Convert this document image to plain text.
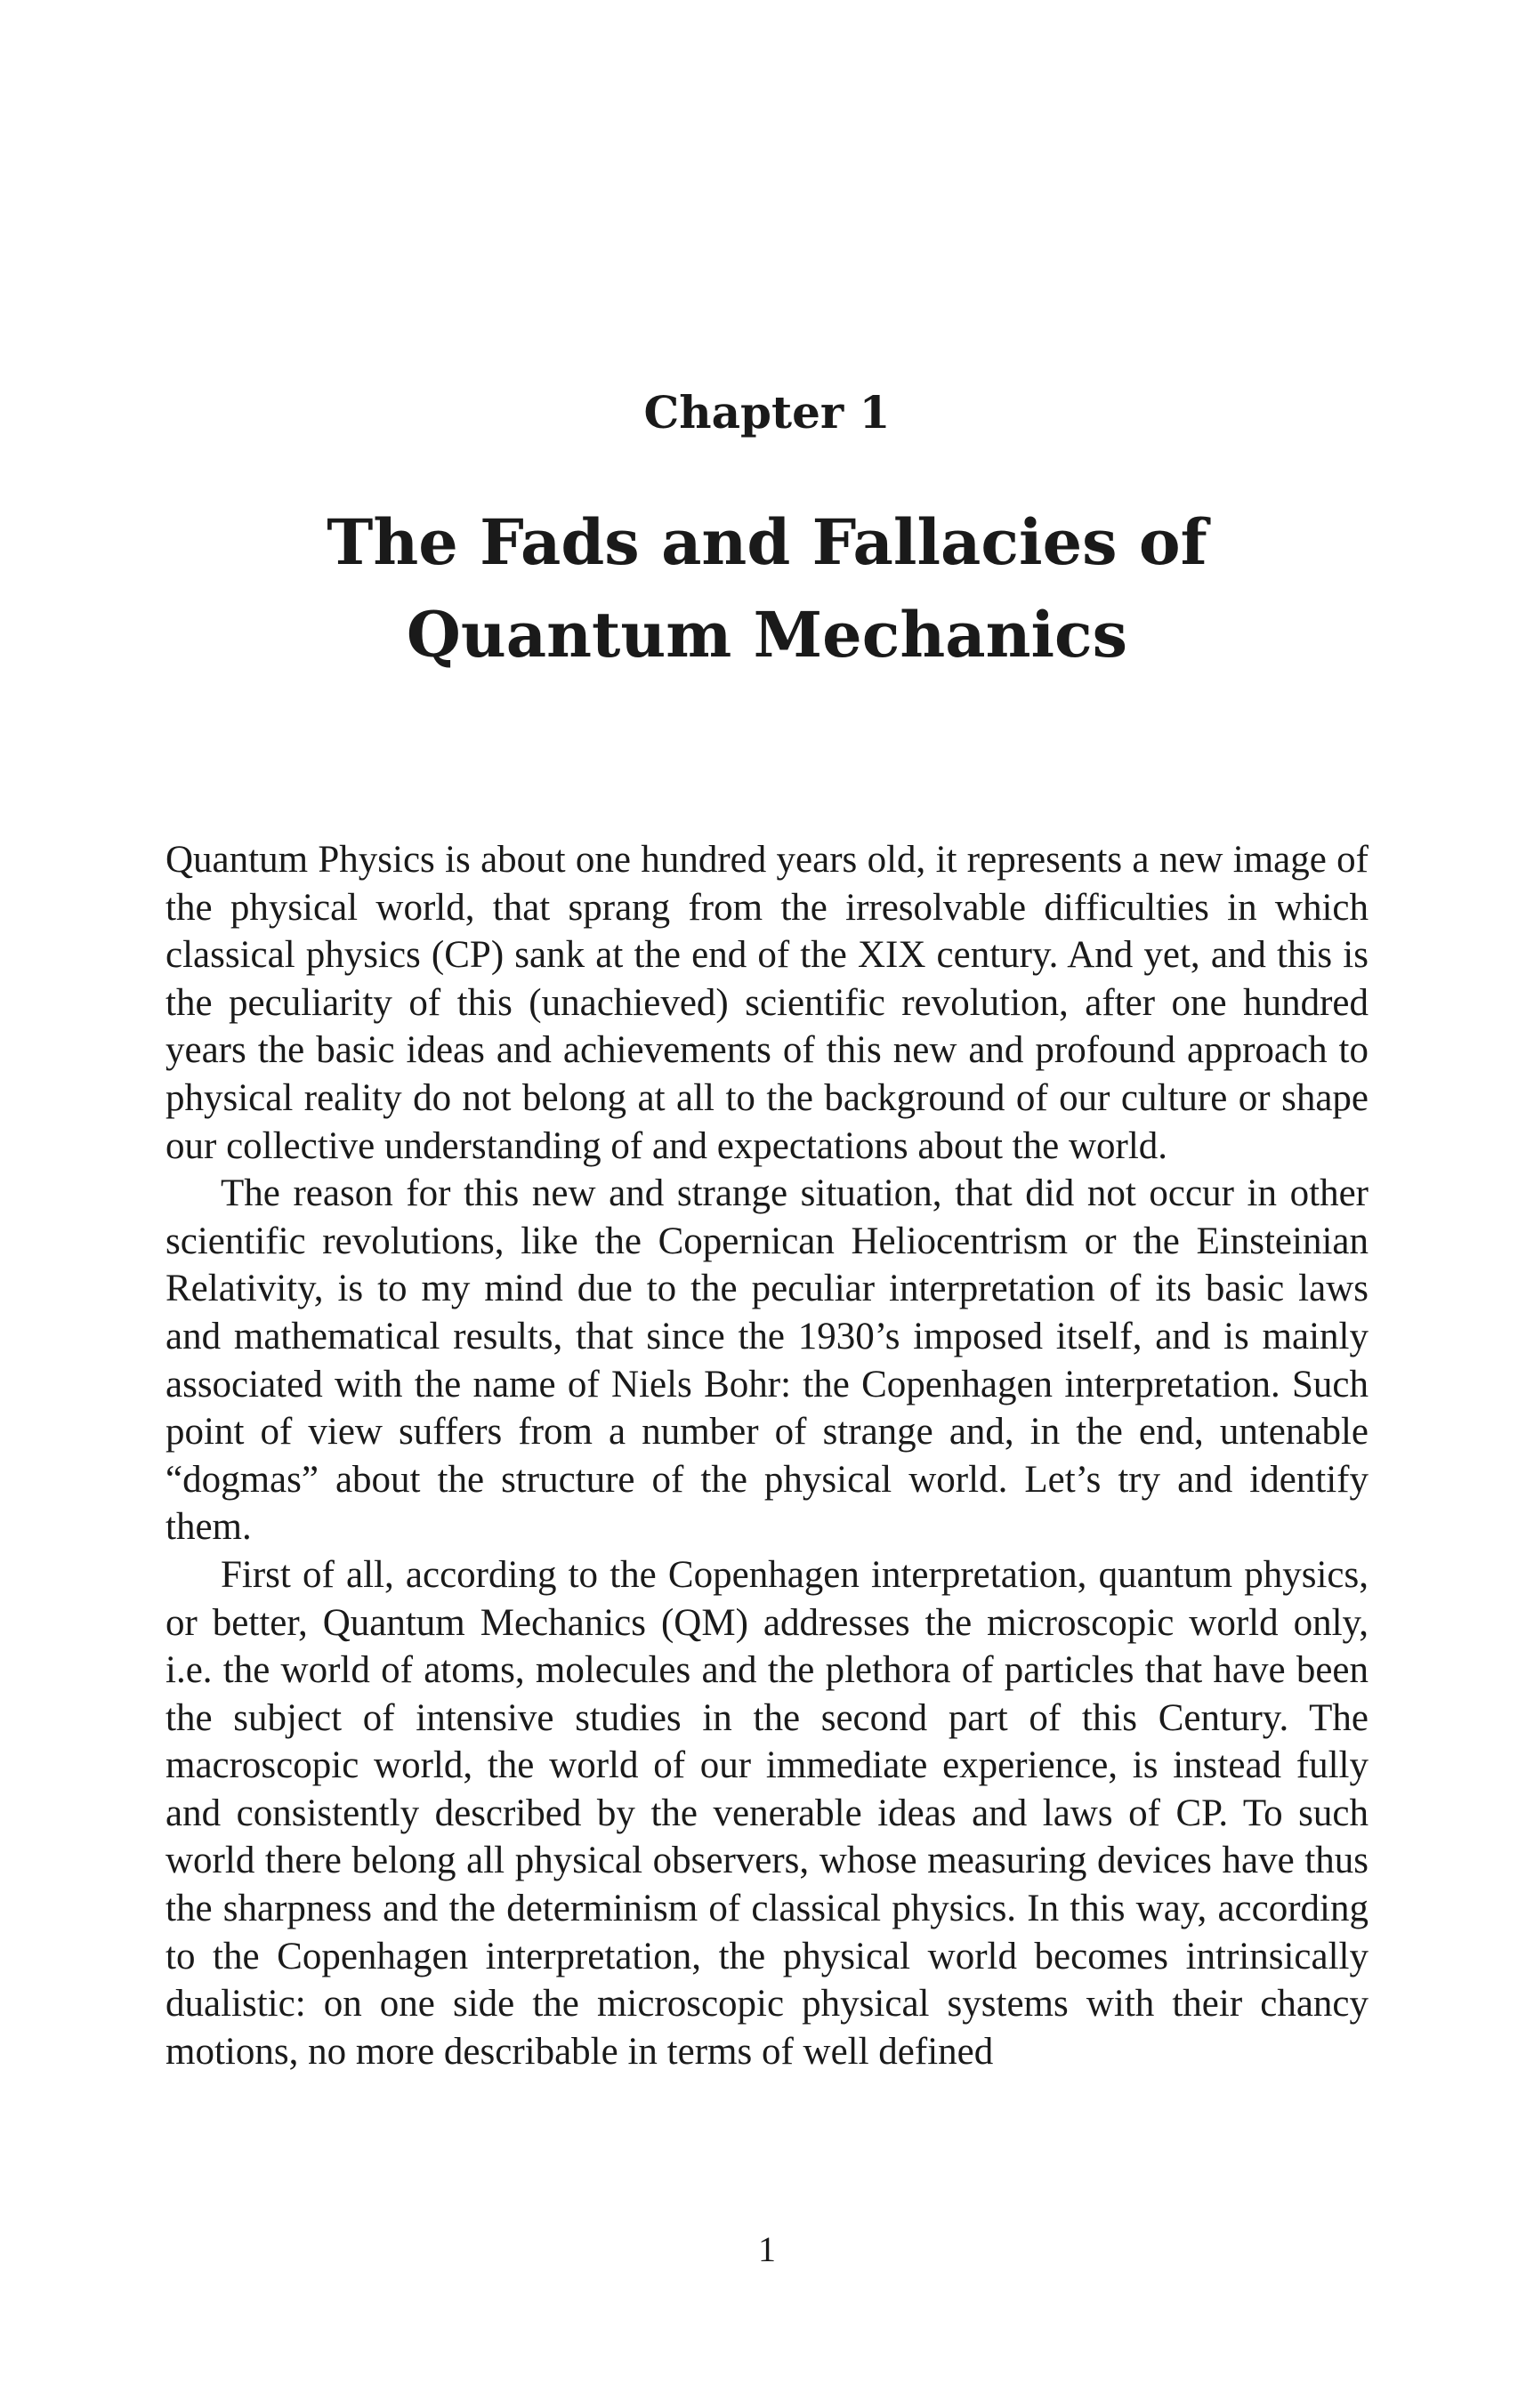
Chapter 1
The Fads and Fallacies of Quantum Mechanics

Quantum Physics is about one hundred years old, it represents a new image of the physical world, that sprang from the irresolvable difficulties in which classical physics (CP) sank at the end of the XIX century. And yet, and this is the peculiarity of this (unachieved) scientific revolution, after one hundred years the basic ideas and achievements of this new and profound approach to physical reality do not belong at all to the background of our culture or shape our collective understanding of and expectations about the world.

The reason for this new and strange situation, that did not occur in other scientific revolutions, like the Copernican Heliocentrism or the Einsteinian Relativity, is to my mind due to the peculiar interpretation of its basic laws and mathematical results, that since the 1930’s imposed itself, and is mainly associated with the name of Niels Bohr: the Copenhagen interpretation. Such point of view suffers from a number of strange and, in the end, untenable “dogmas” about the structure of the physical world. Let’s try and identify them.

First of all, according to the Copenhagen interpretation, quantum physics, or better, Quantum Mechanics (QM) addresses the microscopic world only, i.e. the world of atoms, molecules and the plethora of particles that have been the subject of intensive studies in the second part of this Century. The macroscopic world, the world of our immediate experience, is instead fully and consistently described by the venerable ideas and laws of CP. To such world there belong all physical observers, whose measuring devices have thus the sharpness and the determinism of classical physics. In this way, according to the Copenhagen interpretation, the physical world becomes intrinsically dualistic: on one side the microscopic physical systems with their chancy motions, no more describable in terms of well defined

1
